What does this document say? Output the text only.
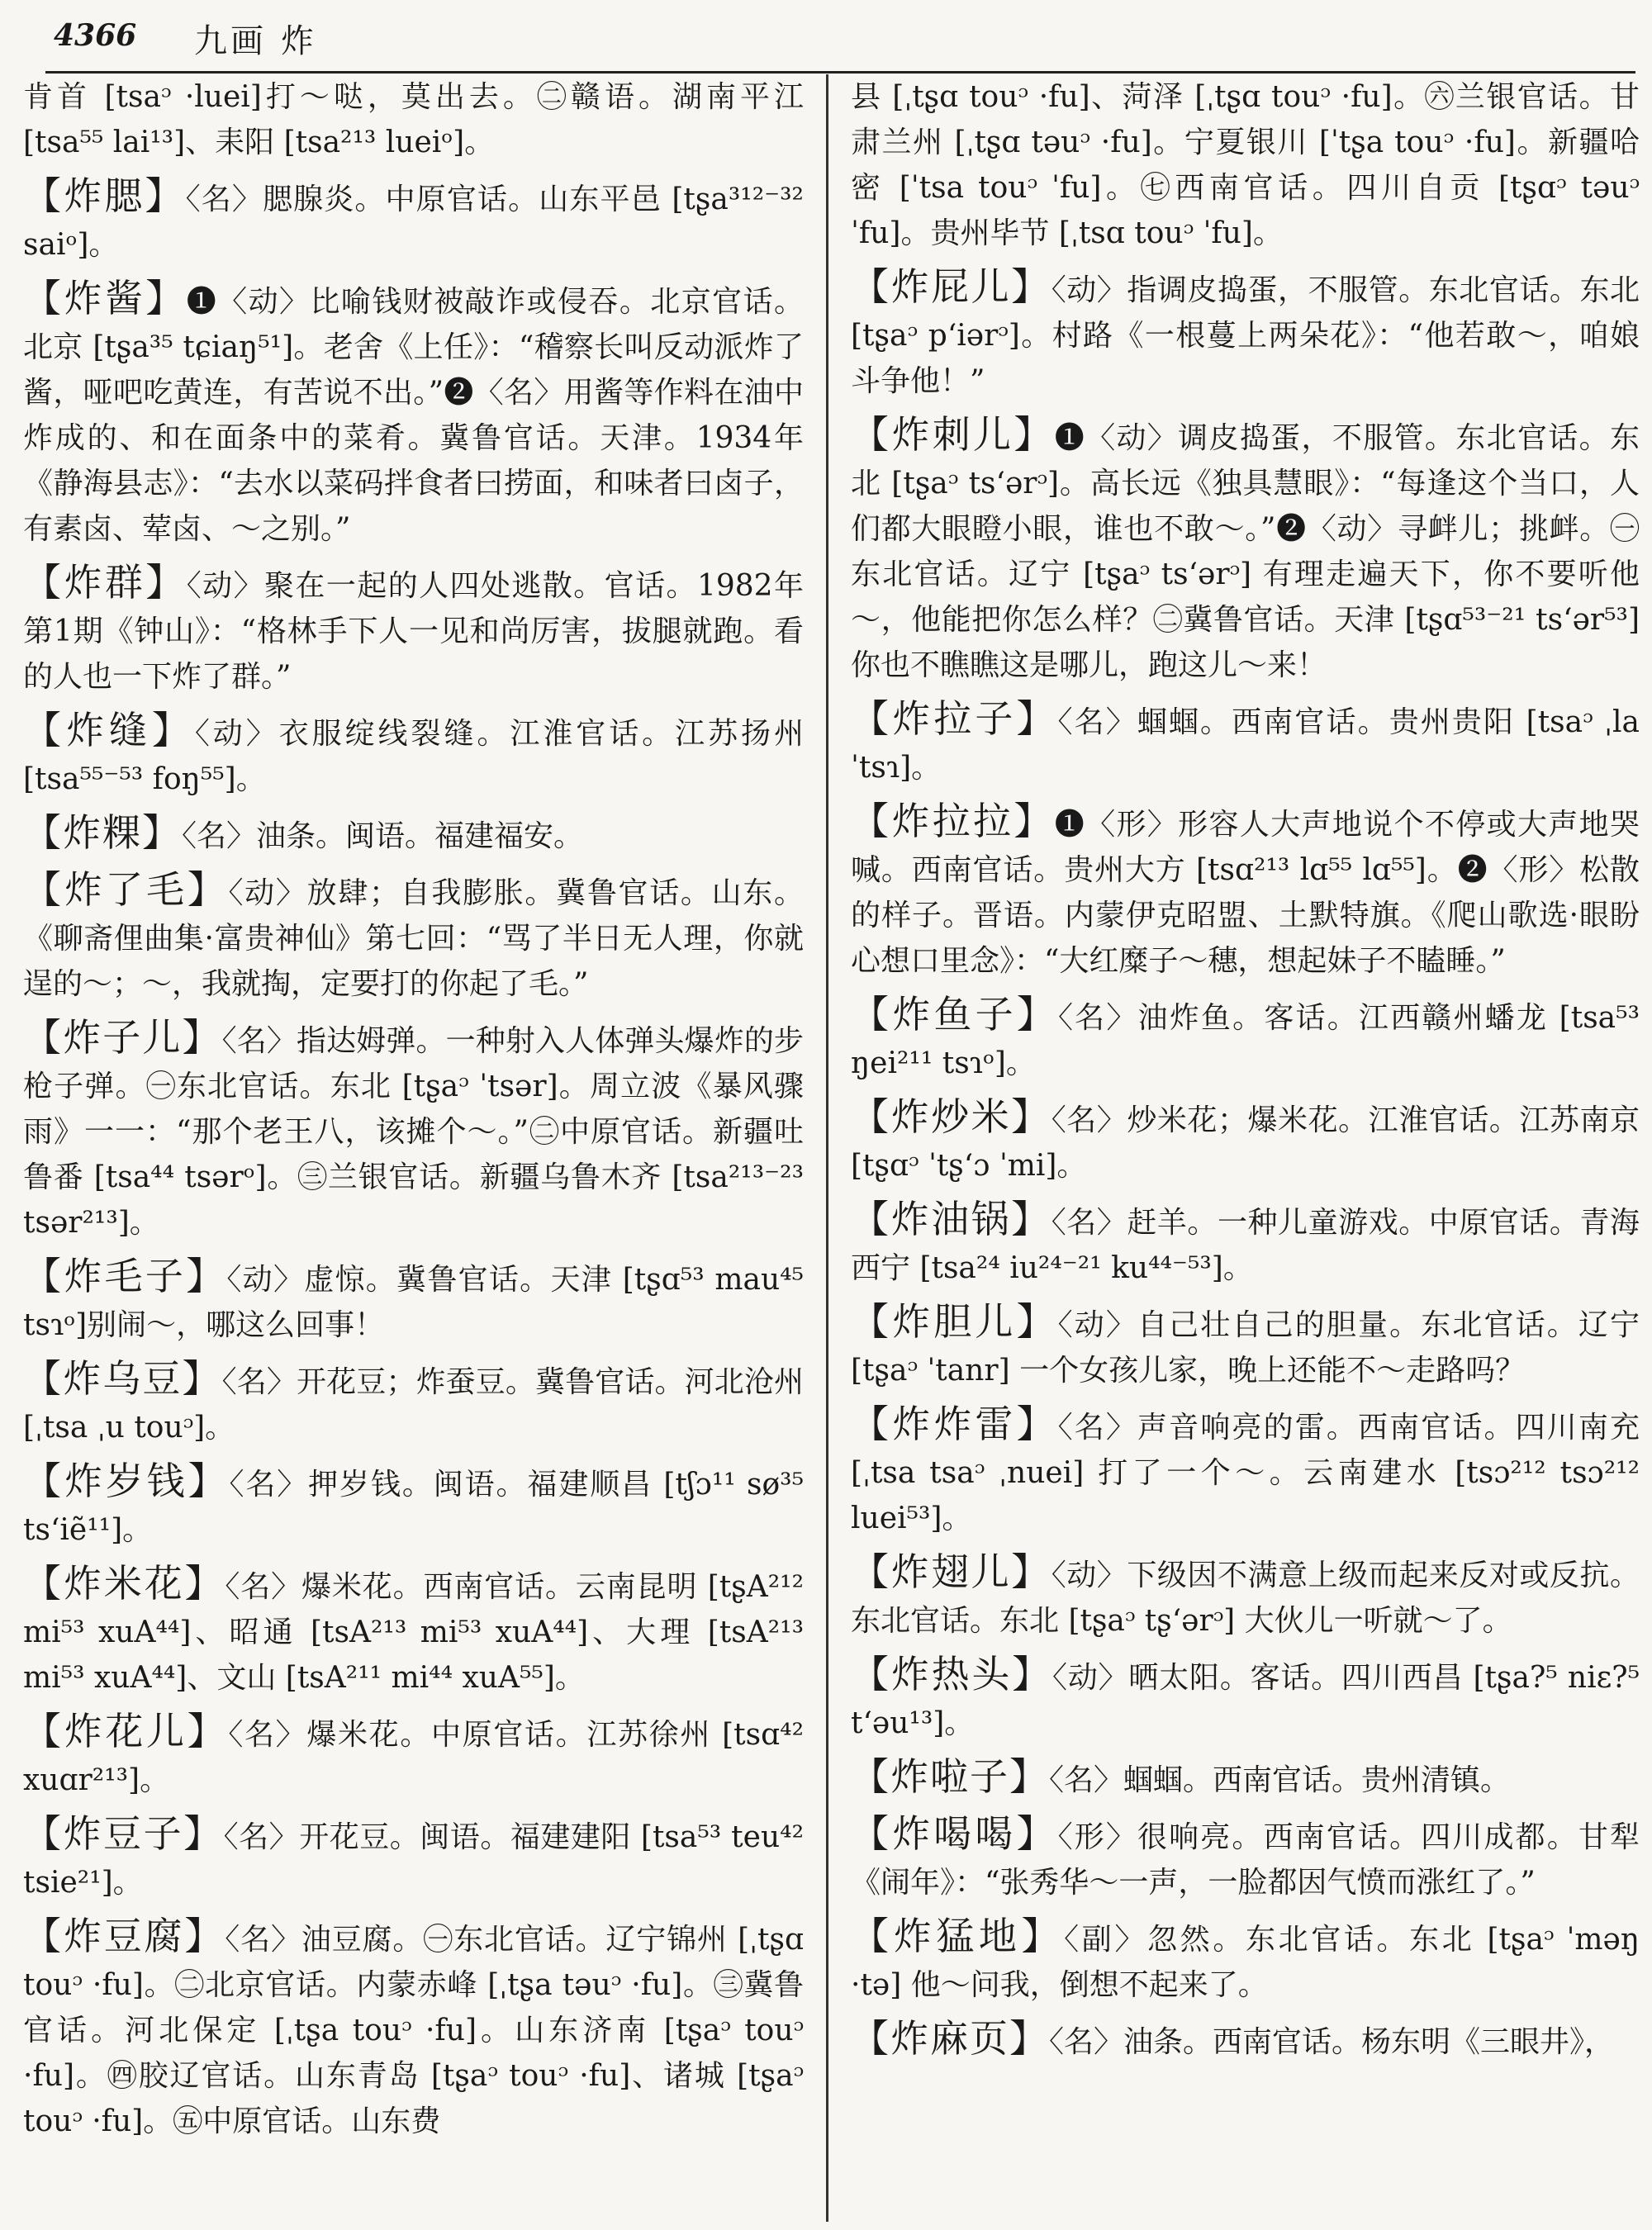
4366 九画 炸

肯首 [tsaᵓ ·luei]打～哒，莫出去。㊁赣语。湖南平江 [tsa⁵⁵ lai¹³]、耒阳 [tsa²¹³ lueiᵒ]。

【炸腮】〈名〉腮腺炎。中原官话。山东平邑 [tʂa³¹²⁻³² saiᵒ]。

【炸酱】❶〈动〉比喻钱财被敲诈或侵吞。北京官话。北京 [tʂa³⁵ tɕiaŋ⁵¹]。老舍《上任》：“稽察长叫反动派炸了酱，哑吧吃黄连，有苦说不出。”❷〈名〉用酱等作料在油中炸成的、和在面条中的菜肴。冀鲁官话。天津。1934年《静海县志》：“去水以菜码拌食者曰捞面，和味者曰卤子，有素卤、荤卤、～之别。”

【炸群】〈动〉聚在一起的人四处逃散。官话。1982年第1期《钟山》：“格林手下人一见和尚厉害，拔腿就跑。看的人也一下炸了群。”

【炸缝】〈动〉衣服绽线裂缝。江淮官话。江苏扬州 [tsa⁵⁵⁻⁵³ foŋ⁵⁵]。

【炸粿】〈名〉油条。闽语。福建福安。

【炸了毛】〈动〉放肆；自我膨胀。冀鲁官话。山东。《聊斋俚曲集·富贵神仙》第七回：“骂了半日无人理，你就逞的～；～，我就掏，定要打的你起了毛。”

【炸子儿】〈名〉指达姆弹。一种射入人体弹头爆炸的步枪子弹。㊀东北官话。东北 [tʂaᵓ ˈtsər]。周立波《暴风骤雨》一一：“那个老王八，该摊个～。”㊁中原官话。新疆吐鲁番 [tsa⁴⁴ tsərᵒ]。㊂兰银官话。新疆乌鲁木齐 [tsa²¹³⁻²³ tsər²¹³]。

【炸毛子】〈动〉虚惊。冀鲁官话。天津 [tʂɑ⁵³ mau⁴⁵ tsɿᵒ]别闹～，哪这么回事！

【炸乌豆】〈名〉开花豆；炸蚕豆。冀鲁官话。河北沧州 [ˌtsa ˌu touᵓ]。

【炸岁钱】〈名〉押岁钱。闽语。福建顺昌 [tʃɔ¹¹ sø³⁵ tsʻiẽ¹¹]。

【炸米花】〈名〉爆米花。西南官话。云南昆明 [tʂA²¹² mi⁵³ xuA⁴⁴]、昭通 [tsA²¹³ mi⁵³ xuA⁴⁴]、大理 [tsA²¹³ mi⁵³ xuA⁴⁴]、文山 [tsA²¹¹ mi⁴⁴ xuA⁵⁵]。

【炸花儿】〈名〉爆米花。中原官话。江苏徐州 [tsɑ⁴² xuɑr²¹³]。

【炸豆子】〈名〉开花豆。闽语。福建建阳 [tsa⁵³ teu⁴² tsie²¹]。

【炸豆腐】〈名〉油豆腐。㊀东北官话。辽宁锦州 [ˌtʂɑ touᵓ ·fu]。㊁北京官话。内蒙赤峰 [ˌtʂa təuᵓ ·fu]。㊂冀鲁官话。河北保定 [ˌtʂa touᵓ ·fu]。山东济南 [tʂaᵓ touᵓ ·fu]。㊃胶辽官话。山东青岛 [tʂaᵓ touᵓ ·fu]、诸城 [tʂaᵓ touᵓ ·fu]。㊄中原官话。山东费

县 [ˌtʂɑ touᵓ ·fu]、菏泽 [ˌtʂɑ touᵓ ·fu]。㊅兰银官话。甘肃兰州 [ˌtʂɑ təuᵓ ·fu]。宁夏银川 [ˈtʂa touᵓ ·fu]。新疆哈密 [ˈtsa touᵓ ˈfu]。㊆西南官话。四川自贡 [tʂɑᵓ təuᵓ ˈfu]。贵州毕节 [ˌtsɑ touᵓ ˈfu]。

【炸屁儿】〈动〉指调皮捣蛋，不服管。东北官话。东北 [tʂaᵓ pʻiərᵓ]。村路《一根蔓上两朵花》：“他若敢～，咱娘斗争他！”

【炸刺儿】❶〈动〉调皮捣蛋，不服管。东北官话。东北 [tʂaᵓ tsʻərᵓ]。高长远《独具慧眼》：“每逢这个当口，人们都大眼瞪小眼，谁也不敢～。”❷〈动〉寻衅儿；挑衅。㊀东北官话。辽宁 [tʂaᵓ tsʻərᵓ] 有理走遍天下，你不要听他～，他能把你怎么样？㊁冀鲁官话。天津 [tʂɑ⁵³⁻²¹ tsʻər⁵³]你也不瞧瞧这是哪儿，跑这儿～来！

【炸拉子】〈名〉蝈蝈。西南官话。贵州贵阳 [tsaᵓ ˌla ˈtsɿ]。

【炸拉拉】❶〈形〉形容人大声地说个不停或大声地哭喊。西南官话。贵州大方 [tsɑ²¹³ lɑ⁵⁵ lɑ⁵⁵]。❷〈形〉松散的样子。晋语。内蒙伊克昭盟、土默特旗。《爬山歌选·眼盼心想口里念》：“大红糜子～穗，想起妹子不瞌睡。”

【炸鱼子】〈名〉油炸鱼。客话。江西赣州蟠龙 [tsa⁵³ ŋei²¹¹ tsɿᵒ]。

【炸炒米】〈名〉炒米花；爆米花。江淮官话。江苏南京 [tʂɑᵓ ˈtʂʻɔ ˈmi]。

【炸油锅】〈名〉赶羊。一种儿童游戏。中原官话。青海西宁 [tsa²⁴ iu²⁴⁻²¹ ku⁴⁴⁻⁵³]。

【炸胆儿】〈动〉自己壮自己的胆量。东北官话。辽宁 [tʂaᵓ ˈtanr] 一个女孩儿家，晚上还能不～走路吗？

【炸炸雷】〈名〉声音响亮的雷。西南官话。四川南充 [ˌtsa tsaᵓ ˌnuei] 打了一个～。云南建水 [tsɔ²¹² tsɔ²¹² luei⁵³]。

【炸翅儿】〈动〉下级因不满意上级而起来反对或反抗。东北官话。东北 [tʂaᵓ tʂʻərᵓ] 大伙儿一听就～了。

【炸热头】〈动〉晒太阳。客话。四川西昌 [tʂa?⁵ niɛ?⁵ tʻəu¹³]。

【炸啦子】〈名〉蝈蝈。西南官话。贵州清镇。

【炸喝喝】〈形〉很响亮。西南官话。四川成都。甘犁《闹年》：“张秀华～一声，一脸都因气愤而涨红了。”

【炸猛地】〈副〉忽然。东北官话。东北 [tʂaᵓ ˈməŋ ·tə] 他～问我，倒想不起来了。

【炸麻页】〈名〉油条。西南官话。杨东明《三眼井》，
